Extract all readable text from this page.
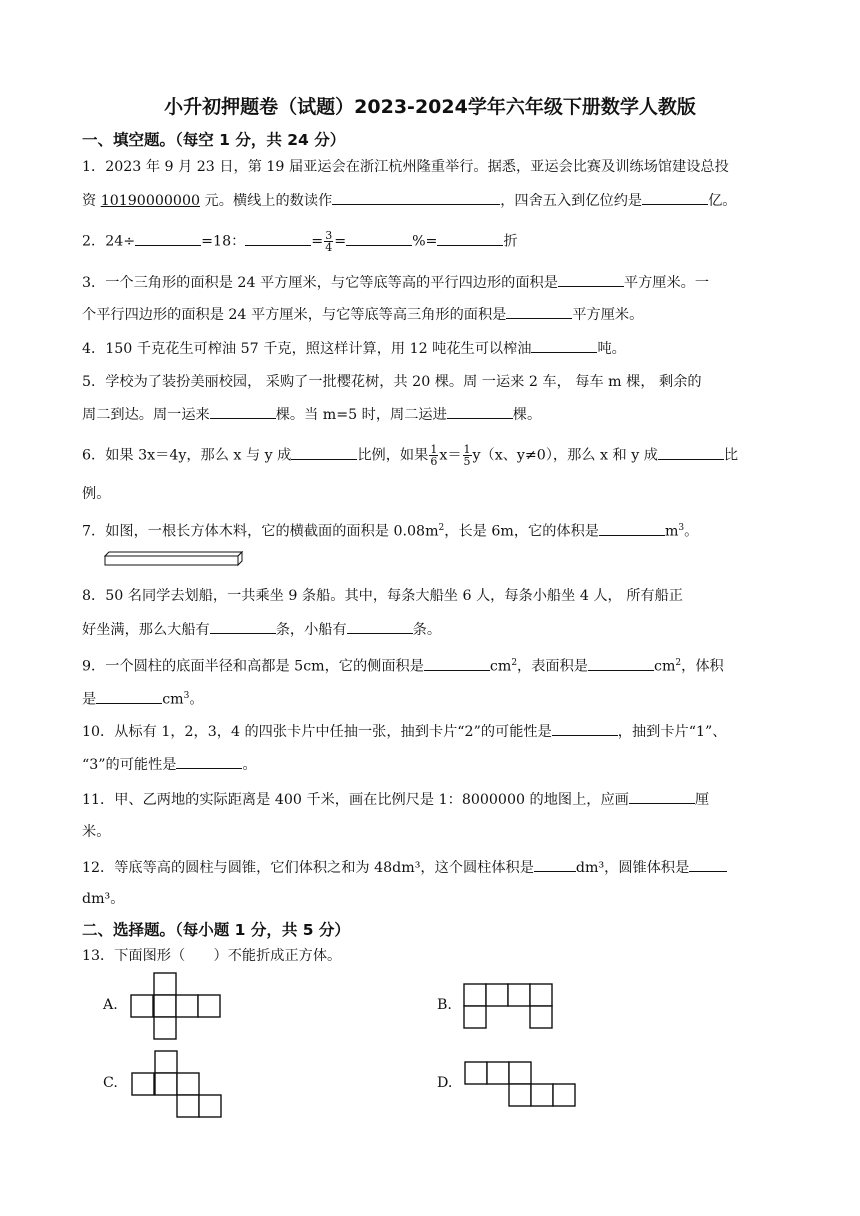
小升初押题卷（试题）2023-2024学年六年级下册数学人教版
一、填空题。（每空 1 分，共 24 分）
1．2023 年 9 月 23 日，第 19 届亚运会在浙江杭州隆重举行。据悉，亚运会比赛及训练场馆建设总投
资 10190000000 元。横线上的数读作	，四舍五入到亿位约是	亿。
2．24÷	=18：	= $\frac{3}{4}$ =	%=	折
3．一个三角形的面积是 24 平方厘米，与它等底等高的平行四边形的面积是	平方厘米。一
个平行四边形的面积是 24 平方厘米，与它等底等高三角形的面积是	平方厘米。
4．150 千克花生可榨油 57 千克，照这样计算，用 12 吨花生可以榨油	吨。
5．学校为了装扮美丽校园， 采购了一批樱花树，共 20 棵。周 一运来 2 车， 每车 m 棵， 剩余的
周二到达。周一运来	棵。当 m=5 时，周二运进	棵。
6．如果 3x＝4y，那么 x 与 y 成	比例，如果 $\frac{1}{6} x= \frac{1}{5} y(x$、y≠0），那么 x 和 y 成	比
例。
7．如图，一根长方体木料，它的横截面的面积是 $0.08m^2$，长是 6m，它的体积是	$m^3$。
8．50 名同学去划船，一共乘坐 9 条船。其中，每条大船坐 6 人，每条小船坐 4 人， 所有船正
好坐满，那么大船有	条，小船有	条。
9．一个圆柱的底面半径和高都是 5cm，它的侧面积是	$cm^2$，表面积是	$cm^2$，体积
是	$cm^3$。
10．从标有 1，2，3，4 的四张卡片中任抽一张，抽到卡片“2”的可能性是	，抽到卡片“1”、
“3”的可能性是	。
11．甲、乙两地的实际距离是 400 千米，画在比例尺是 1：8000000 的地图上，应画	厘
米。
12．等底等高的圆柱与圆锥，它们体积之和为 48dm³，这个圆柱体积是	dm³，圆锥体积是
dm³。
二、选择题。（每小题 1 分，共 5 分）
13．下面图形（　　）不能折成正方体。
A.	B.
C.	D.
